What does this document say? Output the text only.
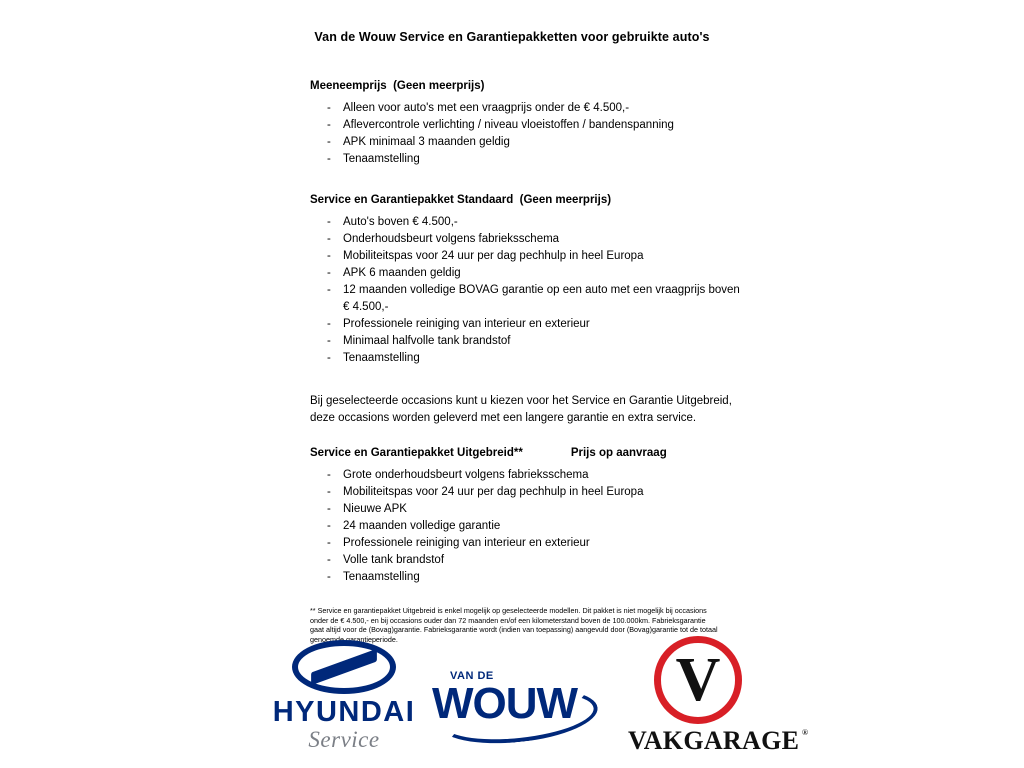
Van de Wouw Service en Garantiepakketten voor gebruikte auto's
Meeneemprijs  (Geen meerprijs)
- Alleen voor auto's met een vraagprijs onder de € 4.500,-
- Aflevercontrole verlichting / niveau vloeistoffen / bandenspanning
- APK minimaal 3 maanden geldig
- Tenaamstelling
Service en Garantiepakket Standaard  (Geen meerprijs)
- Auto's boven € 4.500,-
- Onderhoudsbeurt volgens fabrieksschema
- Mobiliteitspas voor 24 uur per dag pechhulp in heel Europa
- APK 6 maanden geldig
- 12 maanden volledige BOVAG garantie op een auto met een vraagprijs boven € 4.500,-
- Professionele reiniging van interieur en exterieur
- Minimaal halfvolle tank brandstof
- Tenaamstelling

Bij geselecteerde occasions kunt u kiezen voor het Service en Garantie Uitgebreid, deze occasions worden geleverd met een langere garantie en extra service.

Service en Garantiepakket Uitgebreid**	Prijs op aanvraag
- Grote onderhoudsbeurt volgens fabrieksschema
- Mobiliteitspas voor 24 uur per dag pechhulp in heel Europa
- Nieuwe APK
- 24 maanden volledige garantie
- Professionele reiniging van interieur en exterieur
- Volle tank brandstof
- Tenaamstelling
** Service en garantiepakket Uitgebreid is enkel mogelijk op geselecteerde modellen. Dit pakket is niet mogelijk bij occasions onder de € 4.500,- en bij occasions ouder dan 72 maanden en/of een kilometerstand boven de 100.000km. Fabrieksgarantie gaat altijd voor de (Bovag)garantie. Fabrieksgarantie wordt (indien van toepassing) aangevuld door (Bovag)garantie tot de totaal genoemde garantieperiode.
HYUNDAI
Service
VAN DE
WOUW
V
VAKGARAGE ®
